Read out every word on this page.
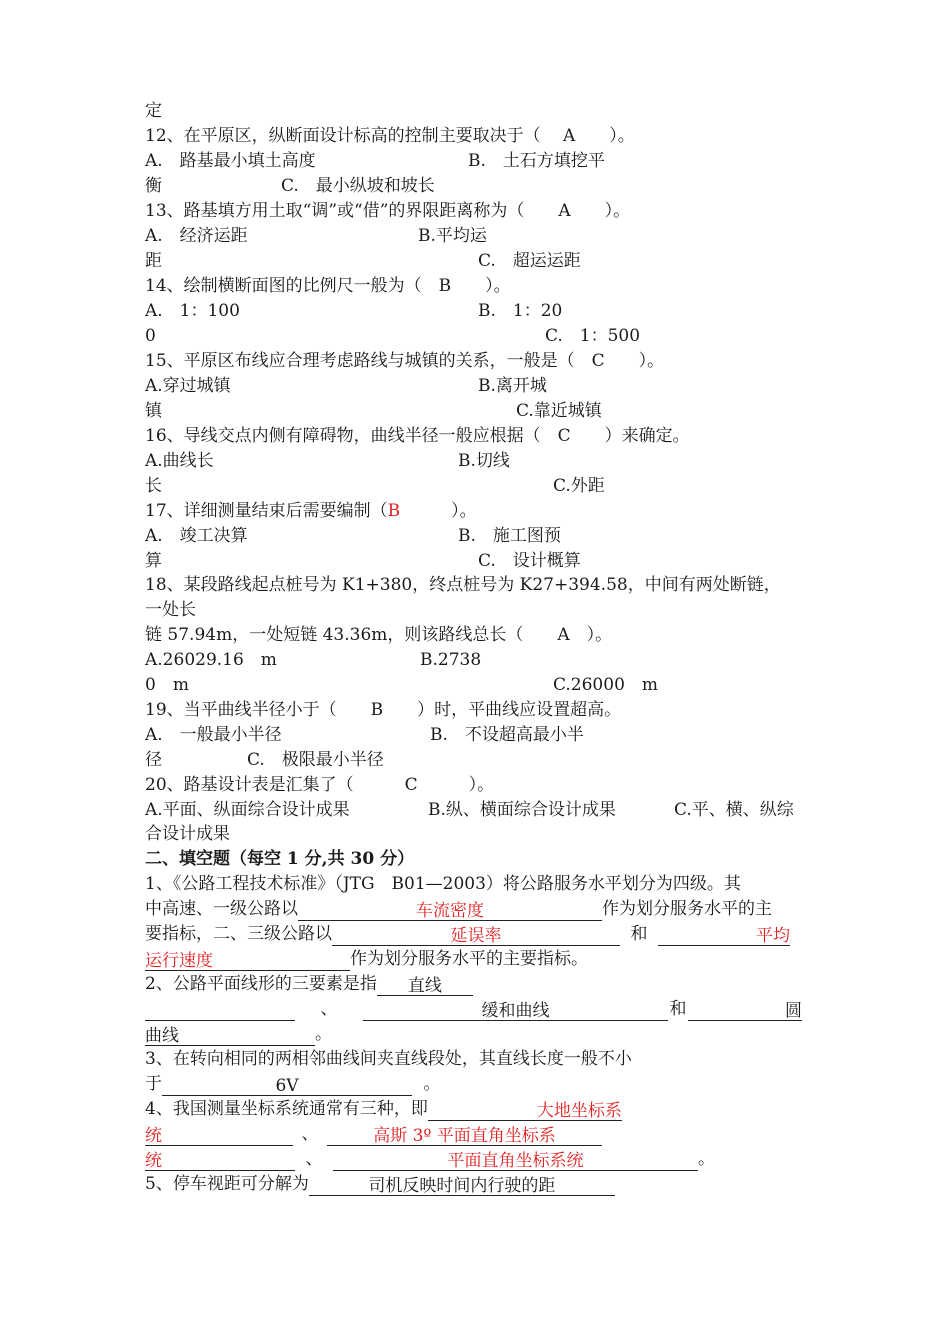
定
12、在平原区，纵断面设计标高的控制主要取决于（　 A　　）。
A.　路基最小填土高度	B.　土石方填挖平
衡　　　　　　　C.　最小纵坡和坡长
13、路基填方用土取“调”或“借”的界限距离称为（　　A　　）。
A.　经济运距	B.平均运
距	C.　超运运距
14、绘制横断面图的比例尺一般为（　B　　）。
A.　1：100	B.　1：20
0	C.　1：500
15、平原区布线应合理考虑路线与城镇的关系，一般是（　C　　）。
A.穿过城镇	B.离开城
镇	C.靠近城镇
16、导线交点内侧有障碍物，曲线半径一般应根据（　C　　）来确定。
A.曲线长	B.切线
长	C.外距
17、详细测量结束后需要编制（B　　　）。
A.　竣工决算	B.　施工图预
算	C.　设计概算
18、某段路线起点桩号为 K1+380，终点桩号为 K27+394.58，中间有两处断链，
一处长
链 57.94m，一处短链 43.36m，则该路线总长（　　A　）。
A.26029.16　m	B.2738
0　m	C.26000　m
19、当平曲线半径小于（　　B　　）时，平曲线应设置超高。
A.　一般最小半径	B.　不设超高最小半
径　　　　　C.　极限最小半径
20、路基设计表是汇集了（　　　C　　　）。
A.平面、纵面综合设计成果	B.纵、横面综合设计成果	C.平、横、纵综
合设计成果
二、填空题（每空 1 分,共 30 分）
1、《公路工程技术标准》（JTG　B01—2003）将公路服务水平划分为四级。其
中高速、一级公路以	车流密度	作为划分服务水平的主
要指标，二、三级公路以	延误率	和	平均
运行速度	作为划分服务水平的主要指标。
2、公路平面线形的三要素是指 直线
、	缓和曲线	和	圆
曲线	。
3、在转向相同的两相邻曲线间夹直线段处，其直线长度一般不小
于	6V	。
4、我国测量坐标系统通常有三种，即	大地坐标系
统	、	高斯 3º 平面直角坐标系
统	、	平面直角坐标系统	。
5、停车视距可分解为	司机反映时间内行驶的距
